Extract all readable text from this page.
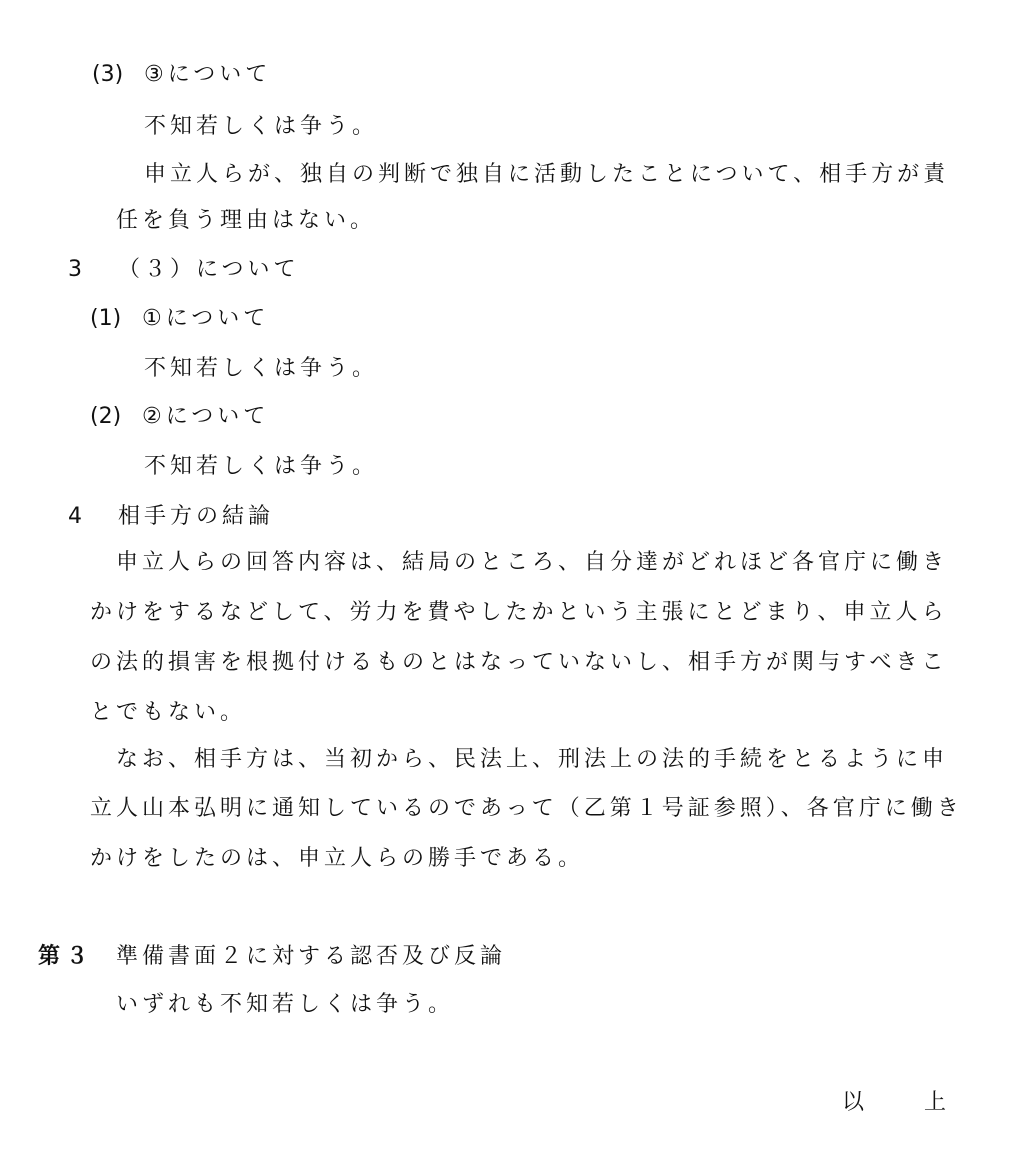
(3) ③について
不知若しくは争う。
申立人らが、独自の判断で独自に活動したことについて、相手方が責
任を負う理由はない。
3 （３）について
(1) ①について
不知若しくは争う。
(2) ②について
不知若しくは争う。
4 相手方の結論
申立人らの回答内容は、結局のところ、自分達がどれほど各官庁に働き
かけをするなどして、労力を費やしたかという主張にとどまり、申立人ら
の法的損害を根拠付けるものとはなっていないし、相手方が関与すべきこ
とでもない。
なお、相手方は、当初から、民法上、刑法上の法的手続をとるように申
立人山本弘明に通知しているのであって（乙第１号証参照）、各官庁に働き
かけをしたのは、申立人らの勝手である。
第３ 準備書面２に対する認否及び反論
いずれも不知若しくは争う。
以	上
